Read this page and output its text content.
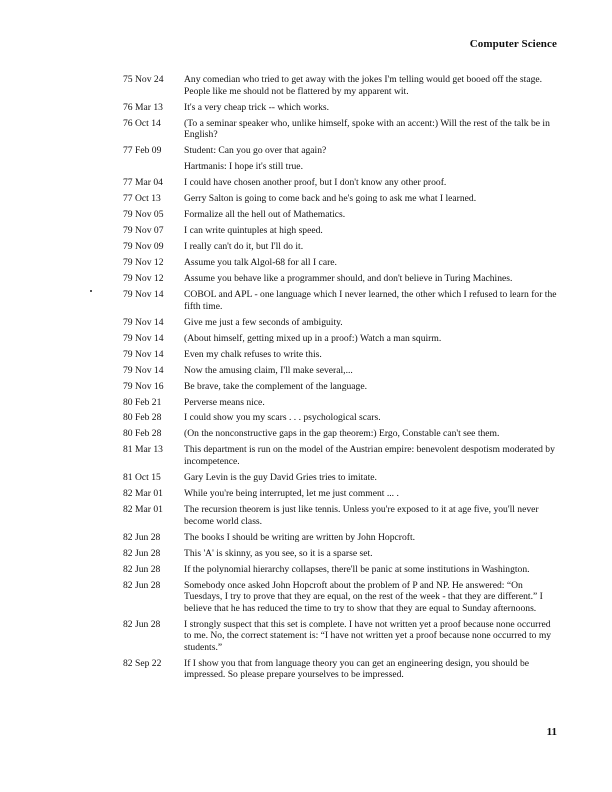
Computer Science
75 Nov 24	Any comedian who tried to get away with the jokes I'm telling would get booed off the stage. People like me should not be flattered by my apparent wit.
76 Mar 13	It's a very cheap trick -- which works.
76 Oct 14	(To a seminar speaker who, unlike himself, spoke with an accent:) Will the rest of the talk be in English?
77 Feb 09	Student: Can you go over that again?
Hartmanis: I hope it's still true.
77 Mar 04	I could have chosen another proof, but I don't know any other proof.
77 Oct 13	Gerry Salton is going to come back and he's going to ask me what I learned.
79 Nov 05	Formalize all the hell out of Mathematics.
79 Nov 07	I can write quintuples at high speed.
79 Nov 09	I really can't do it, but I'll do it.
79 Nov 12	Assume you talk Algol-68 for all I care.
79 Nov 12	Assume you behave like a programmer should, and don't believe in Turing Machines.
79 Nov 14	COBOL and APL - one language which I never learned, the other which I refused to learn for the fifth time.
79 Nov 14	Give me just a few seconds of ambiguity.
79 Nov 14	(About himself, getting mixed up in a proof:) Watch a man squirm.
79 Nov 14	Even my chalk refuses to write this.
79 Nov 14	Now the amusing claim, I'll make several,...
79 Nov 16	Be brave, take the complement of the language.
80 Feb 21	Perverse means nice.
80 Feb 28	I could show you my scars . . . psychological scars.
80 Feb 28	(On the nonconstructive gaps in the gap theorem:) Ergo, Constable can't see them.
81 Mar 13	This department is run on the model of the Austrian empire: benevolent despotism moderated by incompetence.
81 Oct 15	Gary Levin is the guy David Gries tries to imitate.
82 Mar 01	While you're being interrupted, let me just comment ... .
82 Mar 01	The recursion theorem is just like tennis. Unless you're exposed to it at age five, you'll never become world class.
82 Jun 28	The books I should be writing are written by John Hopcroft.
82 Jun 28	This 'A' is skinny, as you see, so it is a sparse set.
82 Jun 28	If the polynomial hierarchy collapses, there'll be panic at some institutions in Washington.
82 Jun 28	Somebody once asked John Hopcroft about the problem of P and NP. He answered: “On Tuesdays, I try to prove that they are equal, on the rest of the week - that they are different.” I believe that he has reduced the time to try to show that they are equal to Sunday afternoons.
82 Jun 28	I strongly suspect that this set is complete. I have not written yet a proof because none occurred to me. No, the correct statement is: “I have not written yet a proof because none occurred to my students.”
82 Sep 22	If I show you that from language theory you can get an engineering design, you should be impressed. So please prepare yourselves to be impressed.
11
